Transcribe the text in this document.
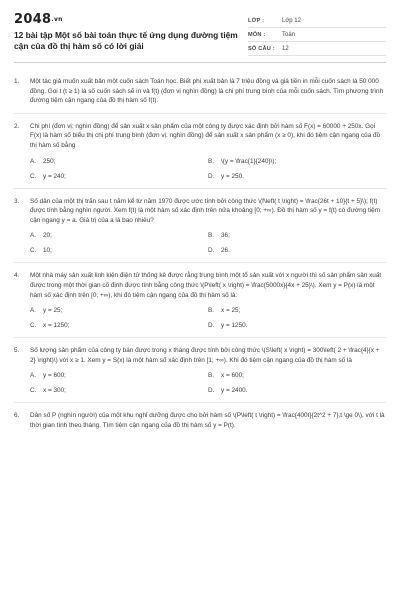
2048.vn
12 bài tập Một số bài toán thực tế ứng dụng đường tiệm cận của đồ thị hàm số có lời giải
LỚP :	Lớp 12
MÔN :	Toán
SỐ CÂU :	12
1.	Một tác giả muốn xuất bản một cuốn sách Toán học. Biết phí xuất bản là 7 triệu đồng và giá tiền in mỗi cuốn sách là 50 000 đồng. Gọi t (t ≥ 1) là số cuốn sách sẽ in và f(t) (đơn vị nghìn đồng) là chi phí trung bình của mỗi cuốn sách. Tìm phương trình đường tiệm cận ngang của đồ thị hàm số f(t).
2.	Chi phí (đơn vị: nghìn đồng) để sản xuất x sản phẩm của một công ty được xác định bởi hàm số F(x) = 60000 + 250x. Gọi F(x) là hàm số biểu thị chi phí trung bình (đơn vị: nghìn đồng) để sản xuất x sản phẩm (x ≥ 0), khi đó tiệm cận ngang của đồ thị hàm số bằng
A.	250;	B.	\(y = \frac{1}{240}\);
C.	y = 240;	D.	y = 250.
3.	Số dân của một thị trấn sau t năm kể từ năm 1970 được ước tính bởi công thức \(f\left( t \right) = \frac{26t + 10}{t + 5}\); f(t) được tính bằng nghìn người. Xem f(t) là một hàm số xác định trên nửa khoảng [0; +∞). Đồ thị hàm số y = f(t) có đường tiệm cận ngang y = a. Giá trị của a là bao nhiêu?
A.	20;	B.	36;
C.	10;	D.	26.
4.	Một nhà máy sản xuất linh kiện điện tử thống kê được rằng trung bình một tổ sản xuất với x người thì số sản phẩm sản xuất được trong một thời gian cố định được tính bằng công thức \(P\left( x \right) = \frac{5000x}{4x + 25}\). Xem y = P(x) là một hàm số xác định trên [0; +∞), khi đó tiệm cận ngang của đồ thị hàm số là:
A.	y = 25;	B.	x = 25;
C.	x = 1250;	D.	y = 1250.
5.	Số lượng sản phẩm của công ty bán được trong x tháng được tính bởi công thức \(S\left( x \right) = 300\left( 2 + \frac{4}{x + 2} \right)\) với x ≥ 1. Xem y = S(x) là một hàm số xác định trên [1; +∞). Khi đó tiệm cận ngang của đồ thị hàm số là
A.	y = 600;	B.	x = 600;
C.	x = 300;	D.	y = 2400.
6.	Dân số P (nghìn người) của một khu nghỉ dưỡng được cho bởi hàm số \(P\left( t \right) = \frac{400t}{2t^2 + 7},t \ge 0\), với t là thời gian tính theo tháng. Tìm tiệm cận ngang của đồ thị hàm số y = P(t).
